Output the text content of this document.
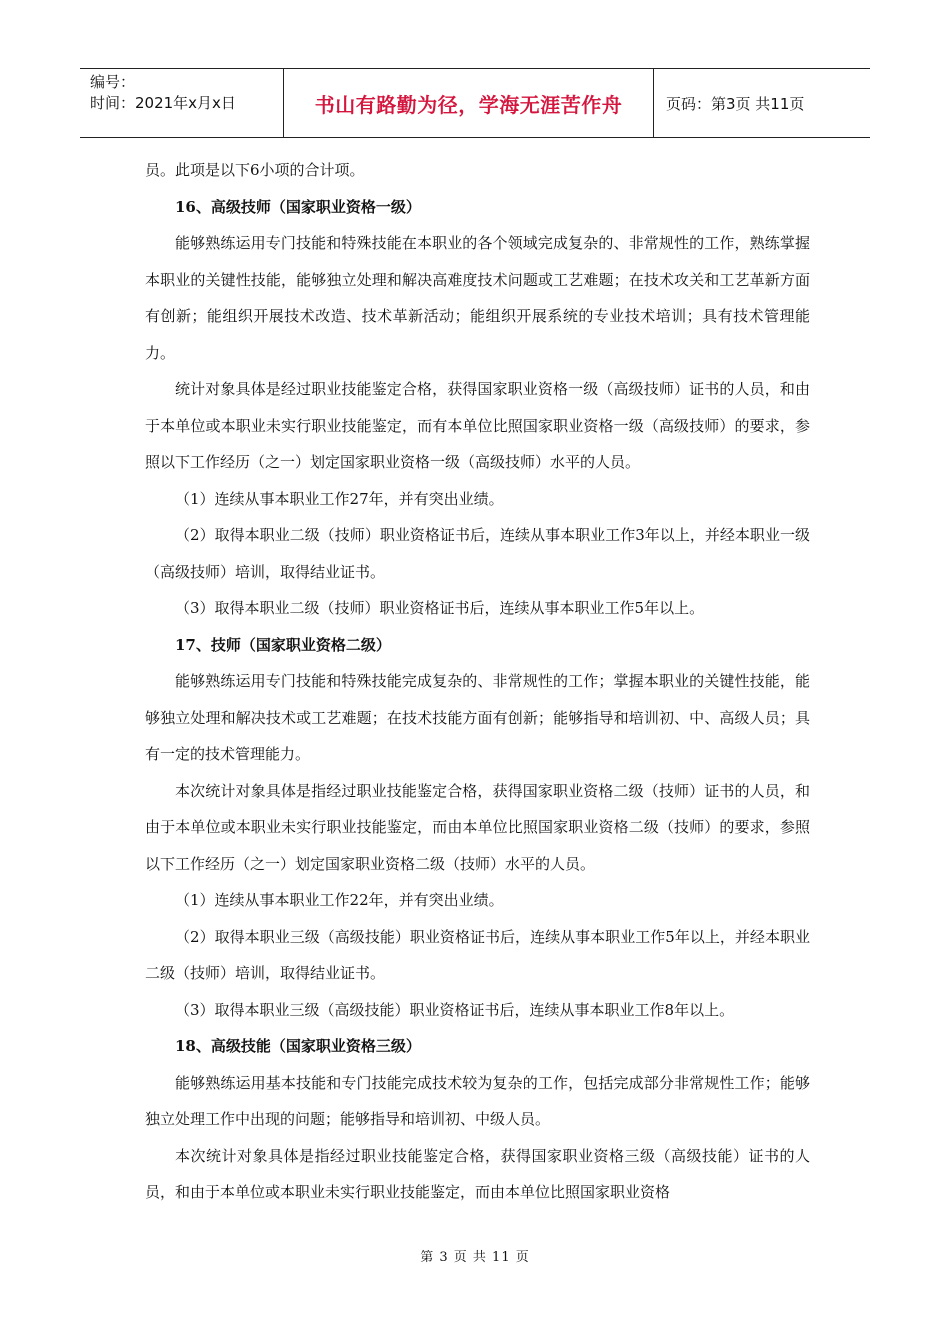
编号：
时间：2021年x月x日	书山有路勤为径，学海无涯苦作舟	页码：第3页 共11页

员。此项是以下6小项的合计项。

16、高级技师（国家职业资格一级）

能够熟练运用专门技能和特殊技能在本职业的各个领域完成复杂的、非常规性的工作，熟练掌握本职业的关键性技能，能够独立处理和解决高难度技术问题或工艺难题；在技术攻关和工艺革新方面有创新；能组织开展技术改造、技术革新活动；能组织开展系统的专业技术培训；具有技术管理能力。

统计对象具体是经过职业技能鉴定合格，获得国家职业资格一级（高级技师）证书的人员，和由于本单位或本职业未实行职业技能鉴定，而有本单位比照国家职业资格一级（高级技师）的要求，参照以下工作经历（之一）划定国家职业资格一级（高级技师）水平的人员。

（1）连续从事本职业工作27年，并有突出业绩。

（2）取得本职业二级（技师）职业资格证书后，连续从事本职业工作3年以上，并经本职业一级（高级技师）培训，取得结业证书。

（3）取得本职业二级（技师）职业资格证书后，连续从事本职业工作5年以上。

17、技师（国家职业资格二级）

能够熟练运用专门技能和特殊技能完成复杂的、非常规性的工作；掌握本职业的关键性技能，能够独立处理和解决技术或工艺难题；在技术技能方面有创新；能够指导和培训初、中、高级人员；具有一定的技术管理能力。

本次统计对象具体是指经过职业技能鉴定合格，获得国家职业资格二级（技师）证书的人员，和由于本单位或本职业未实行职业技能鉴定，而由本单位比照国家职业资格二级（技师）的要求，参照以下工作经历（之一）划定国家职业资格二级（技师）水平的人员。

（1）连续从事本职业工作22年，并有突出业绩。

（2）取得本职业三级（高级技能）职业资格证书后，连续从事本职业工作5年以上，并经本职业二级（技师）培训，取得结业证书。

（3）取得本职业三级（高级技能）职业资格证书后，连续从事本职业工作8年以上。

18、高级技能（国家职业资格三级）

能够熟练运用基本技能和专门技能完成技术较为复杂的工作，包括完成部分非常规性工作；能够独立处理工作中出现的问题；能够指导和培训初、中级人员。

本次统计对象具体是指经过职业技能鉴定合格，获得国家职业资格三级（高级技能）证书的人员，和由于本单位或本职业未实行职业技能鉴定，而由本单位比照国家职业资格

第 3 页 共 11 页
